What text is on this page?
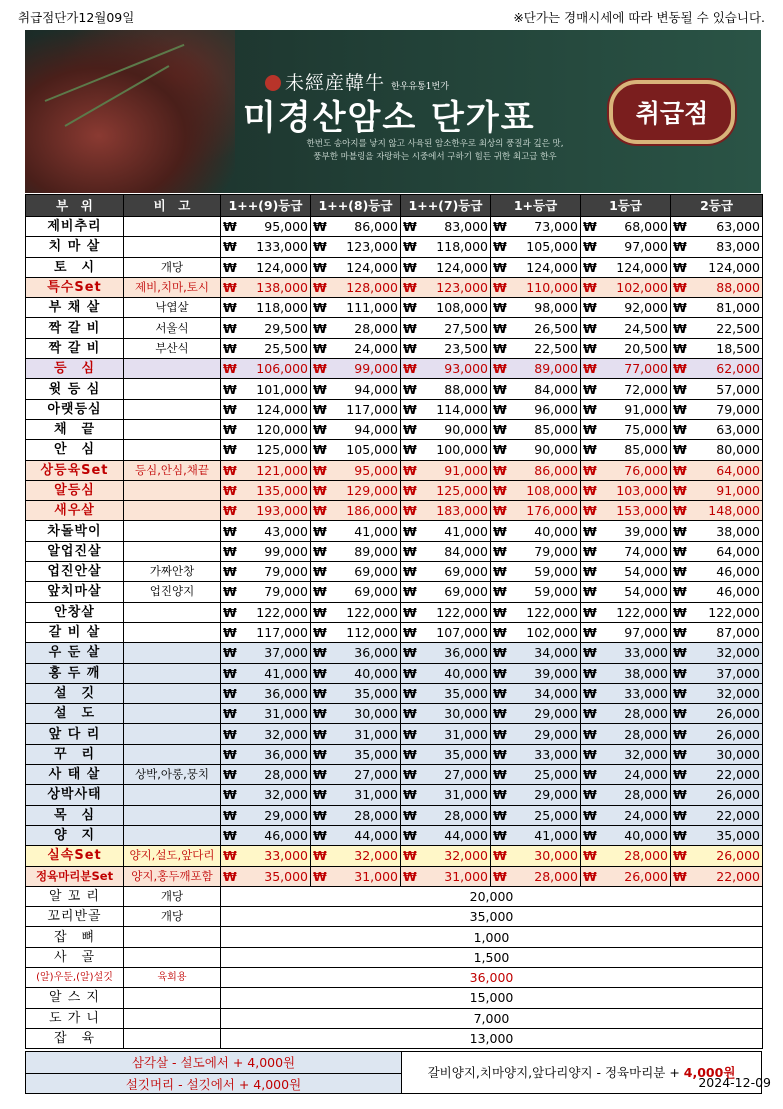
취급점단가12월09일	※단가는 경매시세에 따라 변동될 수 있습니다.
未經産韓牛 한우유통1번가
미경산암소 단가표
한번도 송아지를 낳지 않고 사육된 암소한우로 최상의 풍질과 깊은 맛,
풍부한 마블링을 자랑하는 시중에서 구하기 힘든 귀한 최고급 한우
취급점
부　위	비　고	1++(9)등급	1++(8)등급	1++(7)등급	1+등급	1등급	2등급
제비추리		₩ 95,000	₩ 86,000	₩ 83,000	₩ 73,000	₩ 68,000	₩ 63,000

치 마 살		₩ 133,000	₩ 123,000	₩ 118,000	₩ 105,000	₩ 97,000	₩ 83,000

토　시	개당	₩ 124,000	₩ 124,000	₩ 124,000	₩ 124,000	₩ 124,000	₩ 124,000

특수Set	제비,치마,토시	₩ 138,000	₩ 128,000	₩ 123,000	₩ 110,000	₩ 102,000	₩ 88,000

부 채 살	낙엽살	₩ 118,000	₩ 111,000	₩ 108,000	₩ 98,000	₩ 92,000	₩ 81,000

짝 갈 비	서울식	₩ 29,500	₩ 28,000	₩ 27,500	₩ 26,500	₩ 24,500	₩ 22,500

짝 갈 비	부산식	₩ 25,500	₩ 24,000	₩ 23,500	₩ 22,500	₩ 20,500	₩ 18,500

등　심		₩ 106,000	₩ 99,000	₩ 93,000	₩ 89,000	₩ 77,000	₩ 62,000

윗 등 심		₩ 101,000	₩ 94,000	₩ 88,000	₩ 84,000	₩ 72,000	₩ 57,000

아랫등심		₩ 124,000	₩ 117,000	₩ 114,000	₩ 96,000	₩ 91,000	₩ 79,000

채　끝		₩ 120,000	₩ 94,000	₩ 90,000	₩ 85,000	₩ 75,000	₩ 63,000

안　심		₩ 125,000	₩ 105,000	₩ 100,000	₩ 90,000	₩ 85,000	₩ 80,000

상등육Set	등심,안심,채끝	₩ 121,000	₩ 95,000	₩ 91,000	₩ 86,000	₩ 76,000	₩ 64,000

알등심		₩ 135,000	₩ 129,000	₩ 125,000	₩ 108,000	₩ 103,000	₩ 91,000

새우살		₩ 193,000	₩ 186,000	₩ 183,000	₩ 176,000	₩ 153,000	₩ 148,000

차돌박이		₩ 43,000	₩ 41,000	₩ 41,000	₩ 40,000	₩ 39,000	₩ 38,000

알업진살		₩ 99,000	₩ 89,000	₩ 84,000	₩ 79,000	₩ 74,000	₩ 64,000

업진안살	가짜안창	₩ 79,000	₩ 69,000	₩ 69,000	₩ 59,000	₩ 54,000	₩ 46,000

앞치마살	업진양지	₩ 79,000	₩ 69,000	₩ 69,000	₩ 59,000	₩ 54,000	₩ 46,000

안창살		₩ 122,000	₩ 122,000	₩ 122,000	₩ 122,000	₩ 122,000	₩ 122,000

갈 비 살		₩ 117,000	₩ 112,000	₩ 107,000	₩ 102,000	₩ 97,000	₩ 87,000

우 둔 살		₩ 37,000	₩ 36,000	₩ 36,000	₩ 34,000	₩ 33,000	₩ 32,000

홍 두 깨		₩ 41,000	₩ 40,000	₩ 40,000	₩ 39,000	₩ 38,000	₩ 37,000

설　깃		₩ 36,000	₩ 35,000	₩ 35,000	₩ 34,000	₩ 33,000	₩ 32,000

설　도		₩ 31,000	₩ 30,000	₩ 30,000	₩ 29,000	₩ 28,000	₩ 26,000

앞 다 리		₩ 32,000	₩ 31,000	₩ 31,000	₩ 29,000	₩ 28,000	₩ 26,000

꾸　리		₩ 36,000	₩ 35,000	₩ 35,000	₩ 33,000	₩ 32,000	₩ 30,000

사 태 살	상박,아롱,뭉치	₩ 28,000	₩ 27,000	₩ 27,000	₩ 25,000	₩ 24,000	₩ 22,000

상박사태		₩ 32,000	₩ 31,000	₩ 31,000	₩ 29,000	₩ 28,000	₩ 26,000

목　심		₩ 29,000	₩ 28,000	₩ 28,000	₩ 25,000	₩ 24,000	₩ 22,000

양　지		₩ 46,000	₩ 44,000	₩ 44,000	₩ 41,000	₩ 40,000	₩ 35,000

실속Set	양지,설도,앞다리	₩ 33,000	₩ 32,000	₩ 32,000	₩ 30,000	₩ 28,000	₩ 26,000

정육마리분Set	양지,홍두깨포함	₩ 35,000	₩ 31,000	₩ 31,000	₩ 28,000	₩ 26,000	₩ 22,000

알 꼬 리	개당	20,000					
꼬리반골	개당	35,000					
잡　뼈		1,000					
사　골		1,500					
(알)우둔,(알)설깃	육회용	36,000					
알 스 지		15,000					
도 가 니		7,000					
잡　육		13,000					
삼각살 - 설도에서 + 4,000원
설깃머리 - 설깃에서 + 4,000원
갈비양지,치마양지,앞다리양지 - 정육마리분 + 4,000원
2024-12-09
